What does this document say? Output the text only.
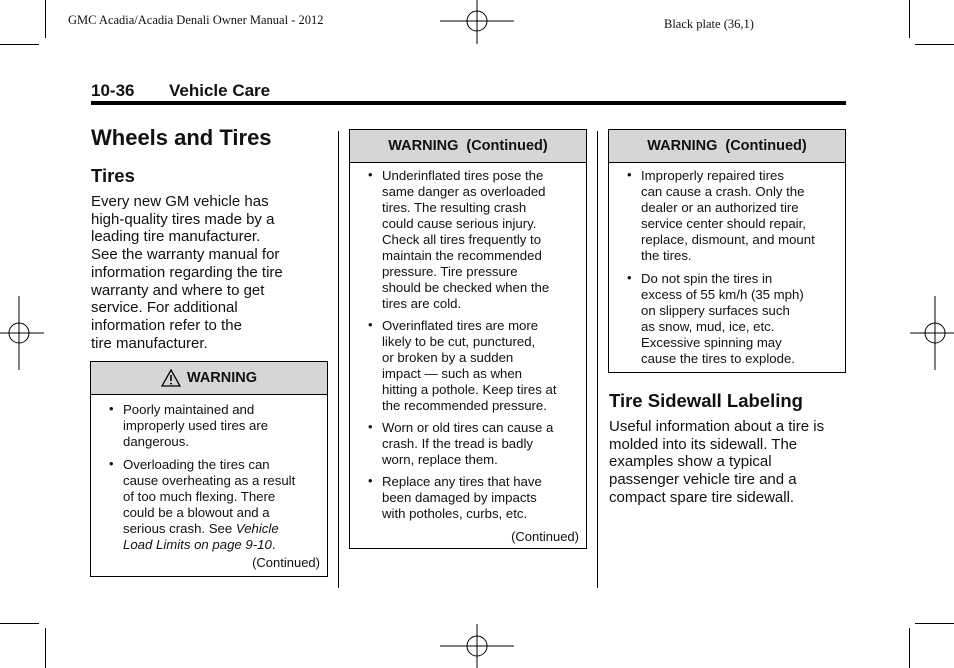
GMC Acadia/Acadia Denali Owner Manual - 2012	Black plate (36,1)
10-36 Vehicle Care
Wheels and Tires
Tires
Every new GM vehicle has
high-quality tires made by a
leading tire manufacturer.
See the warranty manual for
information regarding the tire
warranty and where to get
service. For additional
information refer to the
tire manufacturer.
WARNING
• Poorly maintained and
improperly used tires are
dangerous.
• Overloading the tires can
cause overheating as a result
of too much flexing. There
could be a blowout and a
serious crash. See Vehicle
Load Limits on page 9-10.
(Continued)
WARNING (Continued)
• Underinflated tires pose the
same danger as overloaded
tires. The resulting crash
could cause serious injury.
Check all tires frequently to
maintain the recommended
pressure. Tire pressure
should be checked when the
tires are cold.
• Overinflated tires are more
likely to be cut, punctured,
or broken by a sudden
impact — such as when
hitting a pothole. Keep tires at
the recommended pressure.
• Worn or old tires can cause a
crash. If the tread is badly
worn, replace them.
• Replace any tires that have
been damaged by impacts
with potholes, curbs, etc.
(Continued)
WARNING (Continued)
• Improperly repaired tires
can cause a crash. Only the
dealer or an authorized tire
service center should repair,
replace, dismount, and mount
the tires.
• Do not spin the tires in
excess of 55 km/h (35 mph)
on slippery surfaces such
as snow, mud, ice, etc.
Excessive spinning may
cause the tires to explode.
Tire Sidewall Labeling
Useful information about a tire is
molded into its sidewall. The
examples show a typical
passenger vehicle tire and a
compact spare tire sidewall.
